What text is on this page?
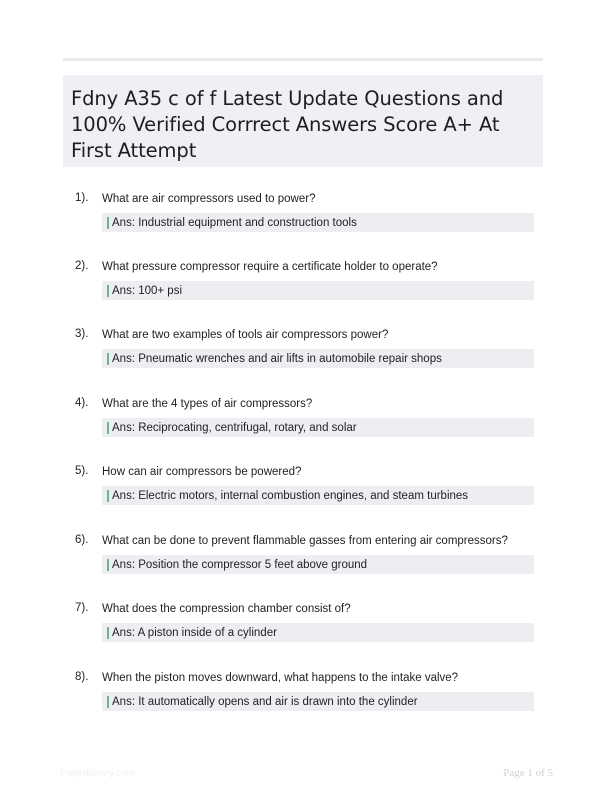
Fdny A35 c of f Latest Update Questions and 100% Verified Corrrect Answers Score A+ At First Attempt
1). What are air compressors used to power?
Ans: Industrial equipment and construction tools
2). What pressure compressor require a certificate holder to operate?
Ans: 100+ psi
3). What are two examples of tools air compressors power?
Ans: Pneumatic wrenches and air lifts in automobile repair shops
4). What are the 4 types of air compressors?
Ans: Reciprocating, centrifugal, rotary, and solar
5). How can air compressors be powered?
Ans: Electric motors, internal combustion engines, and steam turbines
6). What can be done to prevent flammable gasses from entering air compressors?
Ans: Position the compressor 5 feet above ground
7). What does the compression chamber consist of?
Ans: A piston inside of a cylinder
8). When the piston moves downward, what happens to the intake valve?
Ans: It automatically opens and air is drawn into the cylinder
Paperlibrary.com	Page 1 of 5
